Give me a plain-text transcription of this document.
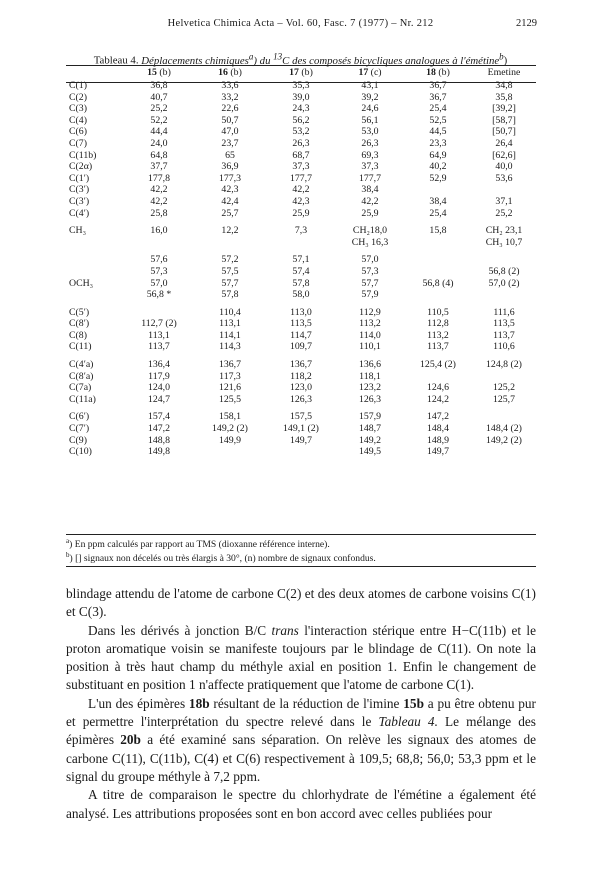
Helvetica Chimica Acta – Vol. 60, Fasc. 7 (1977) – Nr. 212	2129
Tableau 4. Déplacements chimiques$^a$) du $^{13}$C des composés bicycliques analogues à l'émétine$^b$)
	15 (b)	16 (b)	17 (b)	17 (c)	18 (b)	Emetine
C(1)	36,8	33,6	35,3	43,1	36,7	34,8
C(2)	40,7	33,2	39,0	39,2	36,7	35,8
C(3)	25,2	22,6	24,3	24,6	25,4	[39,2]
C(4)	52,2	50,7	56,2	56,1	52,5	[58,7]
C(6)	44,4	47,0	53,2	53,0	44,5	[50,7]
C(7)	24,0	23,7	26,3	26,3	23,3	26,4
C(11b)	64,8	65	68,7	69,3	64,9	[62,6]
C(2α)	37,7	36,9	37,3	37,3	40,2	40,0
C(1′)	177,8	177,3	177,7	177,7	52,9	53,6
C(3′)	42,2	42,3	42,2	38,4		
C(3′)	42,2	42,4	42,3	42,2	38,4	37,1
C(4′)	25,8	25,7	25,9	25,9	25,4	25,2

CH₃	16,0	12,2	7,3	CH₂18,0	15,8	CH₂ 23,1
				CH₃ 16,3		CH₃ 10,7

	57,6	57,2	57,1	57,0		
	57,3	57,5	57,4	57,3		56,8 (2)
OCH₃	57,0	57,7	57,8	57,7	56,8 (4)	57,0 (2)
	56,8 *	57,8	58,0	57,9		

C(5′)		110,4	113,0	112,9	110,5	111,6
C(8′)	112,7 (2)	113,1	113,5	113,2	112,8	113,5
C(8)	113,1	114,1	114,7	114,0	113,2	113,7
C(11)	113,7	114,3	109,7	110,1	113,7	110,6

C(4′a)	136,4	136,7	136,7	136,6	125,4 (2)	124,8 (2)
C(8′a)	117,9	117,3	118,2	118,1		
C(7a)	124,0	121,6	123,0	123,2	124,6	125,2
C(11a)	124,7	125,5	126,3	126,3	124,2	125,7

C(6′)	157,4	158,1	157,5	157,9	147,2	
C(7′)	147,2	149,2 (2)	149,1 (2)	148,7	148,4	148,4 (2)
C(9)	148,8	149,9	149,7	149,2	148,9	149,2 (2)
C(10)	149,8			149,5	149,7	
$^a$) En ppm calculés par rapport au TMS (dioxanne référence interne).
$^b$) [] signaux non décelés ou très élargis à 30°, (n) nombre de signaux confondus.

blindage attendu de l'atome de carbone C(2) et des deux atomes de carbone voisins C(1) et C(3).

Dans les dérivés à jonction B/C trans l'interaction stérique entre H−C(11b) et le proton aromatique voisin se manifeste toujours par le blindage de C(11). On note la position à très haut champ du méthyle axial en position 1. Enfin le changement de substituant en position 1 n'affecte pratiquement que l'atome de carbone C(1).

L'un des épimères 18b résultant de la réduction de l'imine 15b a pu être obtenu pur et permettre l'interprétation du spectre relevé dans le Tableau 4. Le mélange des épimères 20b a été examiné sans séparation. On relève les signaux des atomes de carbone C(11), C(11b), C(4) et C(6) respectivement à 109,5; 68,8; 56,0; 53,3 ppm et le signal du groupe méthyle à 7,2 ppm.

A titre de comparaison le spectre du chlorhydrate de l'émétine a également été analysé. Les attributions proposées sont en bon accord avec celles publiées pour
